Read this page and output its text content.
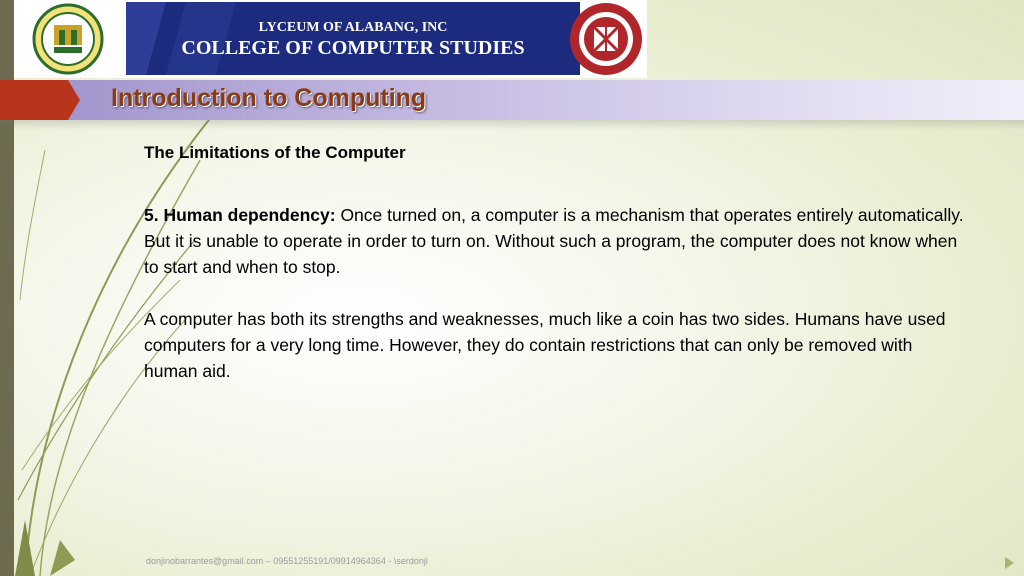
LYCEUM OF ALABANG, INC
COLLEGE OF COMPUTER STUDIES
Introduction to Computing

The Limitations of the Computer

5. Human dependency: Once turned on, a computer is a mechanism that operates entirely automatically. But it is unable to operate in order to turn on. Without such a program, the computer does not know when to start and when to stop.

A computer has both its strengths and weaknesses, much like a coin has two sides. Humans have used computers for a very long time. However, they do contain restrictions that can only be removed with human aid.

donjinobarrantes@gmail.com – 09551255191/09914964364 - \serdonji
